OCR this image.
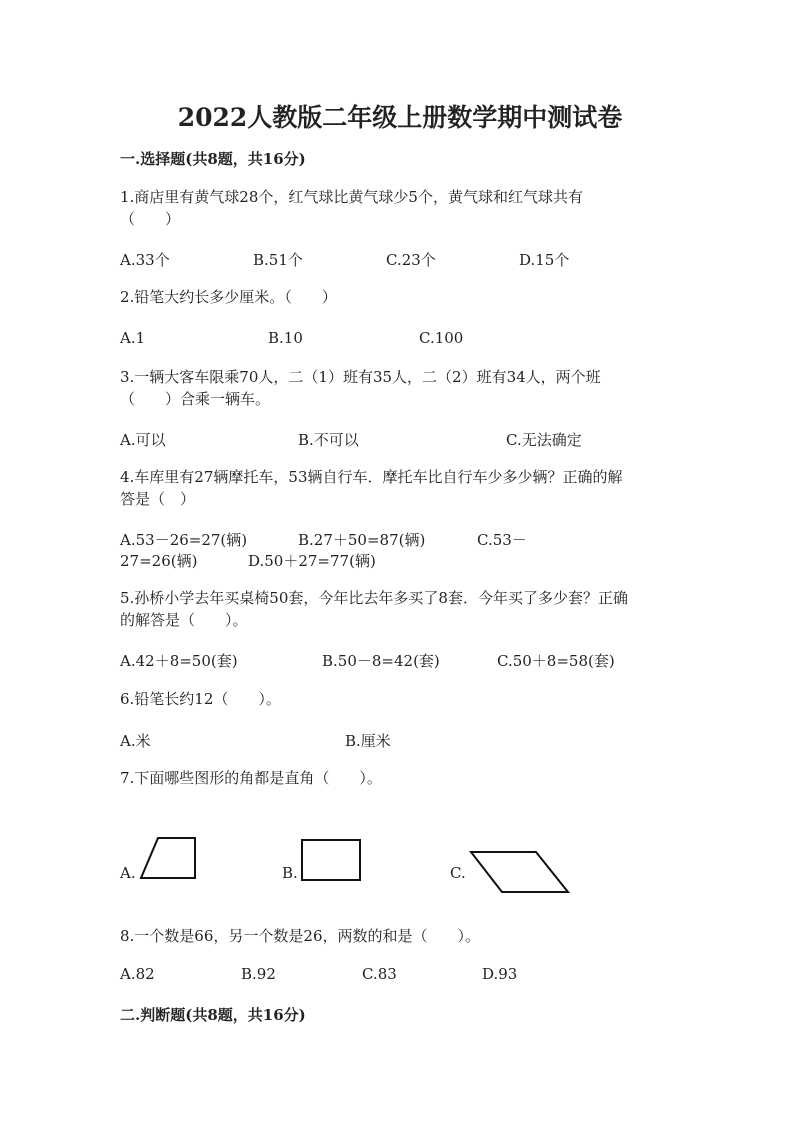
2022人教版二年级上册数学期中测试卷
一.选择题(共8题，共16分)
1.商店里有黄气球28个，红气球比黄气球少5个，黄气球和红气球共有
（　　）
A.33个	B.51个	C.23个	D.15个
2.铅笔大约长多少厘米。（　　）
A.1	B.10	C.100
3.一辆大客车限乘70人，二（1）班有35人，二（2）班有34人，两个班
（　　）合乘一辆车。
A.可以	B.不可以	C.无法确定
4.车库里有27辆摩托车，53辆自行车．摩托车比自行车少多少辆？正确的解
答是（　）
A.53－26=27(辆)	B.27＋50=87(辆)	C.53－
27=26(辆)	D.50＋27=77(辆)
5.孙桥小学去年买桌椅50套，今年比去年多买了8套．今年买了多少套？正确
的解答是（　　）。
A.42＋8=50(套)	B.50－8=42(套)	C.50＋8=58(套)
6.铅笔长约12（　　）。
A.米	B.厘米
7.下面哪些图形的角都是直角（　　）。
A.	B.	C.
8.一个数是66，另一个数是26，两数的和是（　　）。
A.82	B.92	C.83	D.93
二.判断题(共8题，共16分)
